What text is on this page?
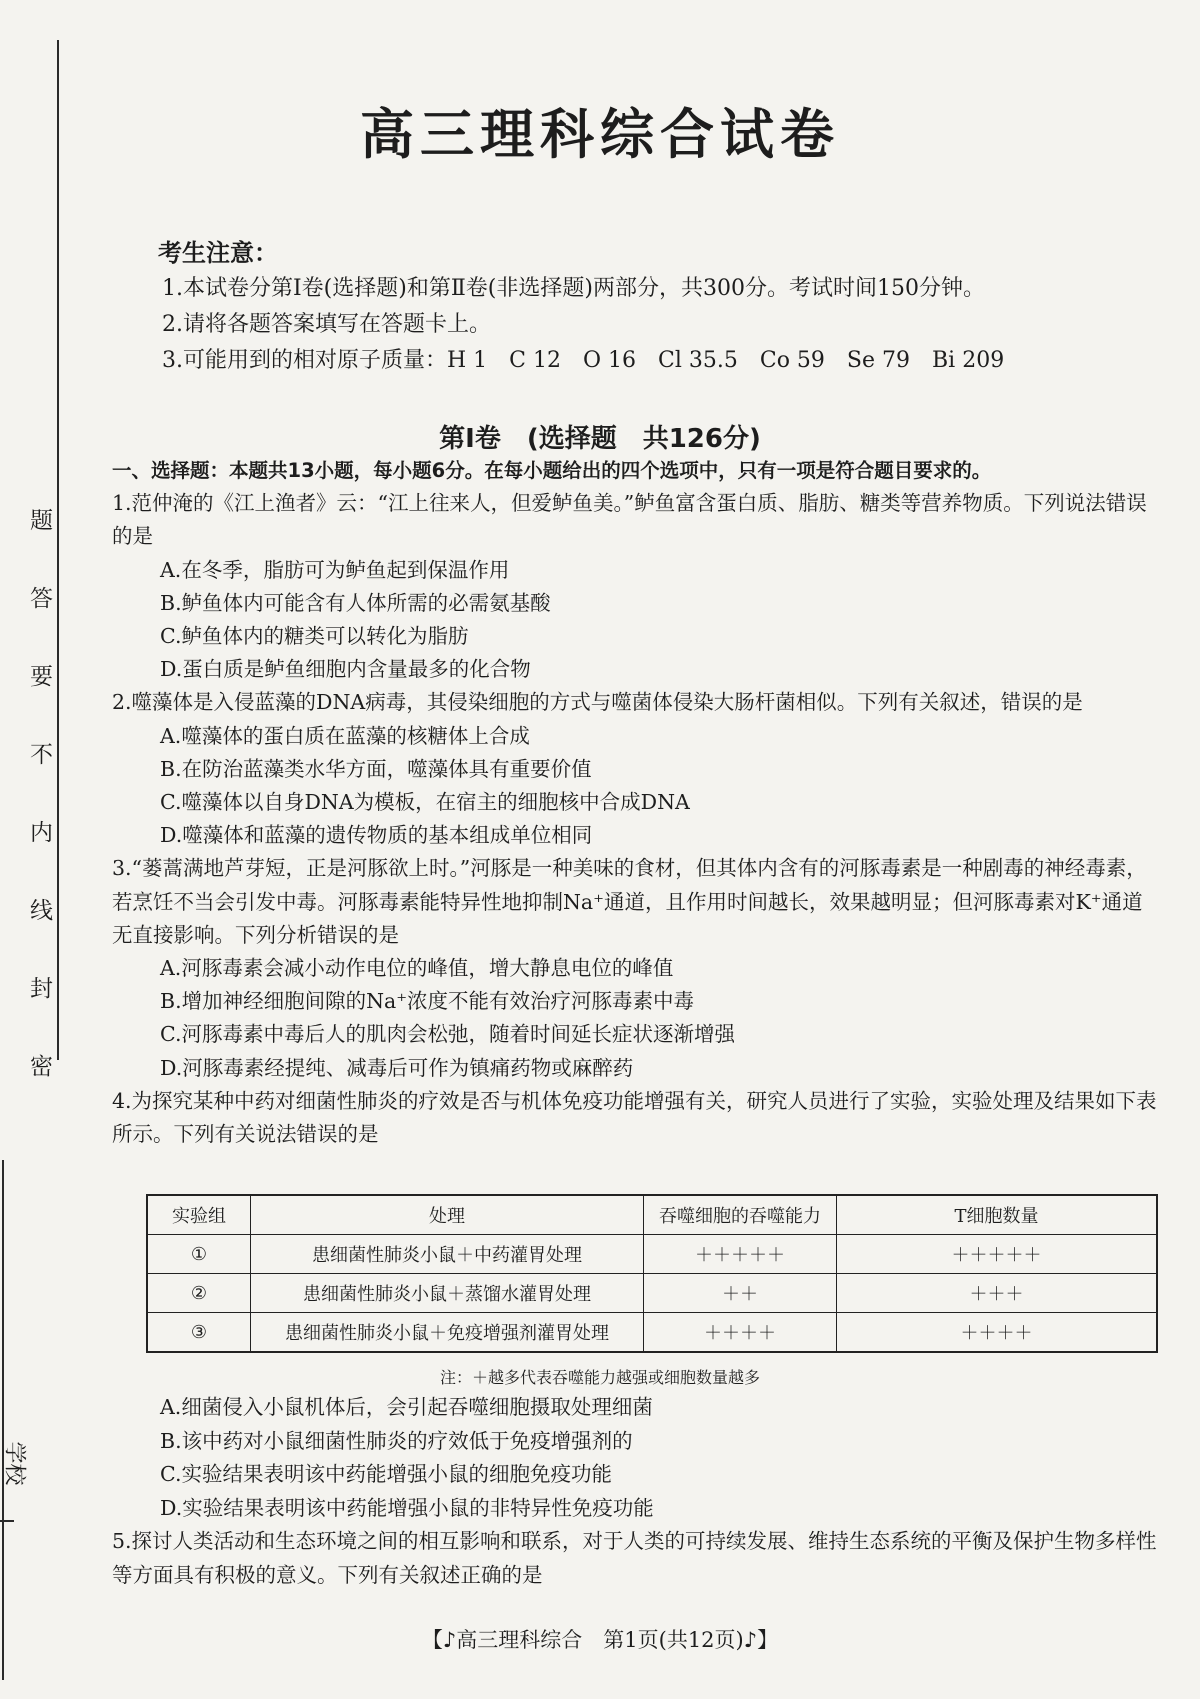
题
答
要
不
内
线
封
密
学校
高三理科综合试卷
考生注意：
1.本试卷分第Ⅰ卷(选择题)和第Ⅱ卷(非选择题)两部分，共300分。考试时间150分钟。
2.请将各题答案填写在答题卡上。
3.可能用到的相对原子质量：H 1　C 12　O 16　Cl 35.5　Co 59　Se 79　Bi 209
第Ⅰ卷　(选择题　共126分)
一、选择题：本题共13小题，每小题6分。在每小题给出的四个选项中，只有一项是符合题目要求的。
1.范仲淹的《江上渔者》云：“江上往来人，但爱鲈鱼美。”鲈鱼富含蛋白质、脂肪、糖类等营养物质。下列说法错误的是
A.在冬季，脂肪可为鲈鱼起到保温作用
B.鲈鱼体内可能含有人体所需的必需氨基酸
C.鲈鱼体内的糖类可以转化为脂肪
D.蛋白质是鲈鱼细胞内含量最多的化合物
2.噬藻体是入侵蓝藻的DNA病毒，其侵染细胞的方式与噬菌体侵染大肠杆菌相似。下列有关叙述，错误的是
A.噬藻体的蛋白质在蓝藻的核糖体上合成
B.在防治蓝藻类水华方面，噬藻体具有重要价值
C.噬藻体以自身DNA为模板，在宿主的细胞核中合成DNA
D.噬藻体和蓝藻的遗传物质的基本组成单位相同
3.“蒌蒿满地芦芽短，正是河豚欲上时。”河豚是一种美味的食材，但其体内含有的河豚毒素是一种剧毒的神经毒素，若烹饪不当会引发中毒。河豚毒素能特异性地抑制Na⁺通道，且作用时间越长，效果越明显；但河豚毒素对K⁺通道无直接影响。下列分析错误的是
A.河豚毒素会减小动作电位的峰值，增大静息电位的峰值
B.增加神经细胞间隙的Na⁺浓度不能有效治疗河豚毒素中毒
C.河豚毒素中毒后人的肌肉会松弛，随着时间延长症状逐渐增强
D.河豚毒素经提纯、减毒后可作为镇痛药物或麻醉药
4.为探究某种中药对细菌性肺炎的疗效是否与机体免疫功能增强有关，研究人员进行了实验，实验处理及结果如下表所示。下列有关说法错误的是
实验组	处理	吞噬细胞的吞噬能力	T细胞数量
①	患细菌性肺炎小鼠＋中药灌胃处理	＋＋＋＋＋	＋＋＋＋＋
②	患细菌性肺炎小鼠＋蒸馏水灌胃处理	＋＋	＋＋＋
③	患细菌性肺炎小鼠＋免疫增强剂灌胃处理	＋＋＋＋	＋＋＋＋
注：＋越多代表吞噬能力越强或细胞数量越多
A.细菌侵入小鼠机体后，会引起吞噬细胞摄取处理细菌
B.该中药对小鼠细菌性肺炎的疗效低于免疫增强剂的
C.实验结果表明该中药能增强小鼠的细胞免疫功能
D.实验结果表明该中药能增强小鼠的非特异性免疫功能
5.探讨人类活动和生态环境之间的相互影响和联系，对于人类的可持续发展、维持生态系统的平衡及保护生物多样性等方面具有积极的意义。下列有关叙述正确的是
【♪高三理科综合　第1页(共12页)♪】
